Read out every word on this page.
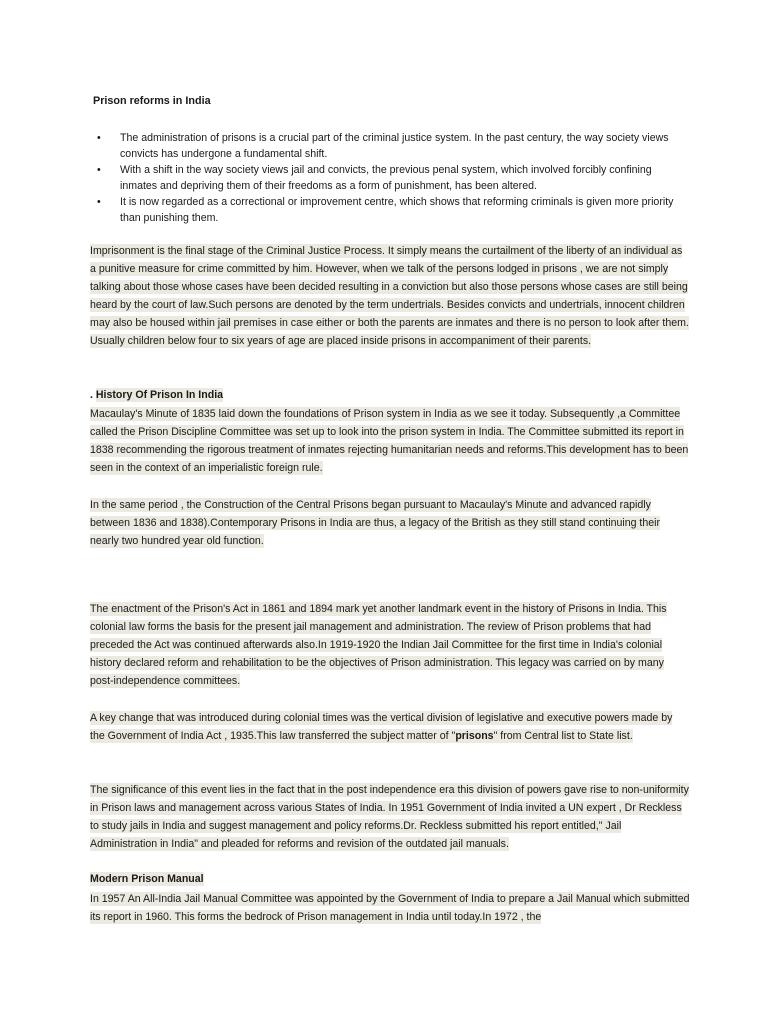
Prison reforms in India
• The administration of prisons is a crucial part of the criminal justice system. In the past century, the way society views convicts has undergone a fundamental shift.
• With a shift in the way society views jail and convicts, the previous penal system, which involved forcibly confining inmates and depriving them of their freedoms as a form of punishment, has been altered.
• It is now regarded as a correctional or improvement centre, which shows that reforming criminals is given more priority than punishing them.

Imprisonment is the final stage of the Criminal Justice Process. It simply means the curtailment of the liberty of an individual as a punitive measure for crime committed by him. However, when we talk of the persons lodged in prisons , we are not simply talking about those whose cases have been decided resulting in a conviction but also those persons whose cases are still being heard by the court of law.Such persons are denoted by the term undertrials. Besides convicts and undertrials, innocent children may also be housed within jail premises in case either or both the parents are inmates and there is no person to look after them. Usually children below four to six years of age are placed inside prisons in accompaniment of their parents.

. History Of Prison In India

Macaulay's Minute of 1835 laid down the foundations of Prison system in India as we see it today. Subsequently ,a Committee called the Prison Discipline Committee was set up to look into the prison system in India. The Committee submitted its report in 1838 recommending the rigorous treatment of inmates rejecting humanitarian needs and reforms.This development has to been seen in the context of an imperialistic foreign rule.

In the same period , the Construction of the Central Prisons began pursuant to Macaulay's Minute and advanced rapidly between 1836 and 1838).Contemporary Prisons in India are thus, a legacy of the British as they still stand continuing their nearly two hundred year old function.

The enactment of the Prison's Act in 1861 and 1894 mark yet another landmark event in the history of Prisons in India. This colonial law forms the basis for the present jail management and administration. The review of Prison problems that had preceded the Act was continued afterwards also.In 1919-1920 the Indian Jail Committee for the first time in India's colonial history declared reform and rehabilitation to be the objectives of Prison administration. This legacy was carried on by many post-independence committees.

A key change that was introduced during colonial times was the vertical division of legislative and executive powers made by the Government of India Act , 1935.This law transferred the subject matter of "prisons" from Central list to State list.

The significance of this event lies in the fact that in the post independence era this division of powers gave rise to non-uniformity in Prison laws and management across various States of India. In 1951 Government of India invited a UN expert , Dr Reckless to study jails in India and suggest management and policy reforms.Dr. Reckless submitted his report entitled," Jail Administration in India" and pleaded for reforms and revision of the outdated jail manuals.

Modern Prison Manual

In 1957 An All-India Jail Manual Committee was appointed by the Government of India to prepare a Jail Manual which submitted its report in 1960. This forms the bedrock of Prison management in India until today.In 1972 , the
